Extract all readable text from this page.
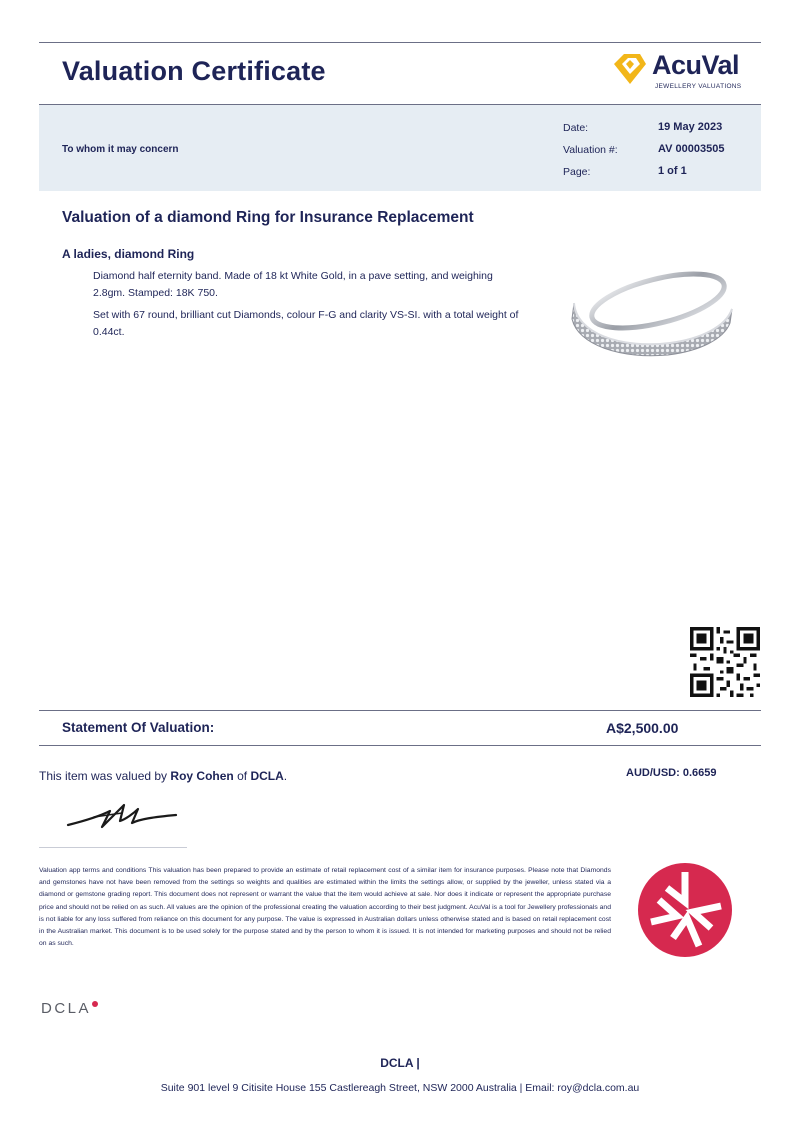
Valuation Certificate	AcuVal
JEWELLERY VALUATIONS
To whom it may concern
Date:	19 May 2023
Valuation #:	AV 00003505
Page:	1 of 1
Valuation of a diamond Ring for Insurance Replacement
A ladies, diamond Ring
Diamond half eternity band. Made of 18 kt White Gold, in a pave setting, and weighing 2.8gm. Stamped: 18K 750.
Set with 67 round, brilliant cut Diamonds, colour F-G and clarity VS-SI. with a total weight of 0.44ct.
Statement Of Valuation:	A$2,500.00
This item was valued by Roy Cohen of DCLA.	AUD/USD: 0.6659
Valuation app terms and conditions This valuation has been prepared to provide an estimate of retail replacement cost of a similar item for insurance purposes. Please note that Diamonds and gemstones have not have been removed from the settings so weights and qualities are estimated within the limits the settings allow, or supplied by the jeweller, unless stated via a diamond or gemstone grading report. This document does not represent or warrant the value that the item would achieve at sale. Nor does it indicate or represent the appropriate purchase price and should not be relied on as such. All values are the opinion of the professional creating the valuation according to their best judgment. AcuVal is a tool for Jewellery professionals and is not liable for any loss suffered from reliance on this document for any purpose. The value is expressed in Australian dollars unless otherwise stated and is based on retail replacement cost in the Australian market. This document is to be used solely for the purpose stated and by the person to whom it is issued. It is not intended for marketing purposes and should not be relied on as such.
DCLA
DCLA |
Suite 901 level 9 Citisite House 155 Castlereagh Street, NSW 2000 Australia | Email: roy@dcla.com.au
